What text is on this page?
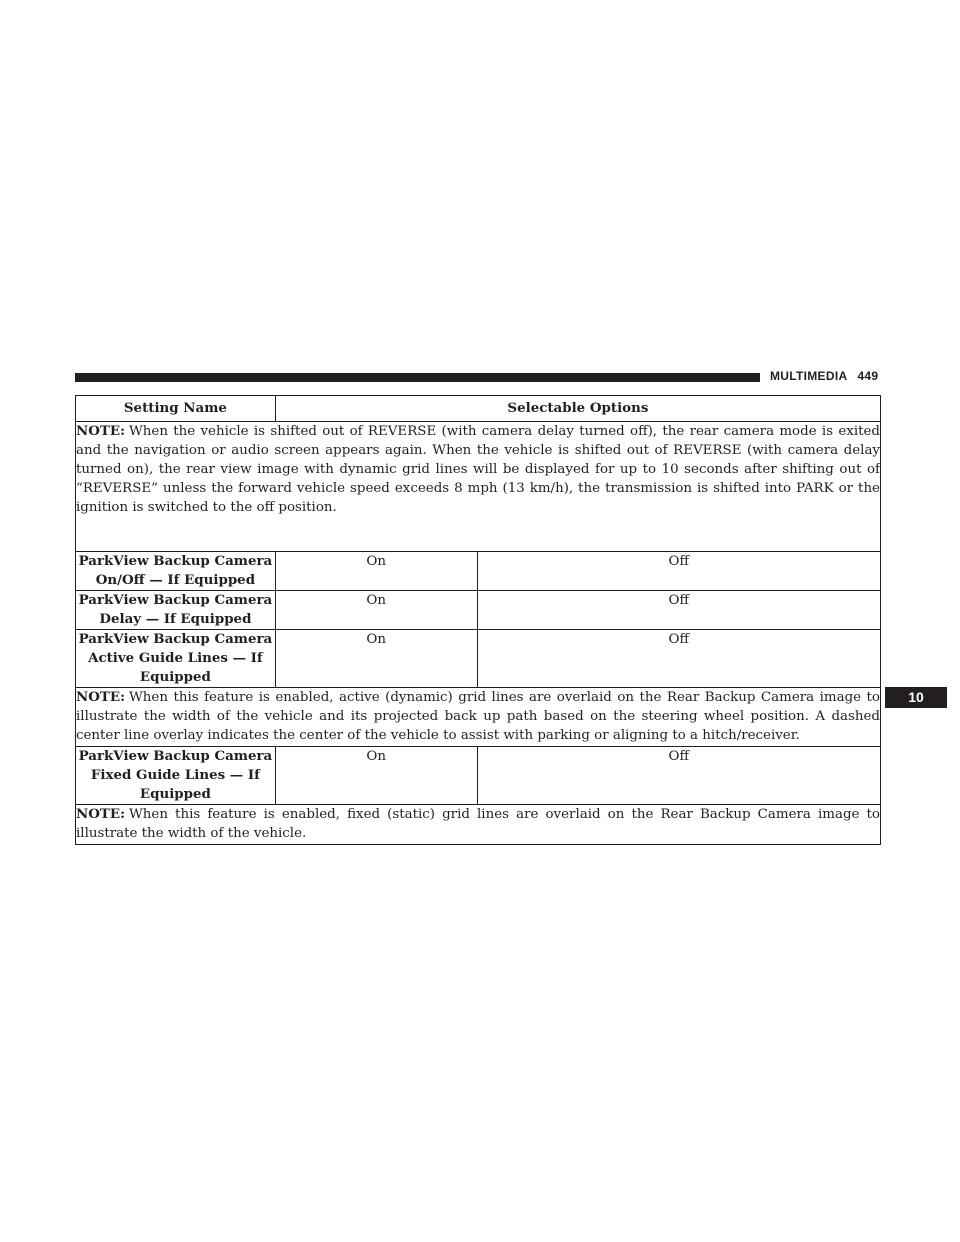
MULTIMEDIA 449
10
Setting Name	Selectable Options	
NOTE: When the vehicle is shifted out of REVERSE (with camera delay turned off), the rear camera mode is exited and the navigation or audio screen appears again. When the vehicle is shifted out of REVERSE (with camera delay turned on), the rear view image with dynamic grid lines will be displayed for up to 10 seconds after shifting out of “REVERSE” unless the forward vehicle speed exceeds 8 mph (13 km/h), the transmission is shifted into PARK or the ignition is switched to the off position.		
ParkView Backup Camera On/Off — If Equipped	On	Off
ParkView Backup Camera Delay — If Equipped	On	Off
ParkView Backup Camera Active Guide Lines — If Equipped	On	Off
NOTE: When this feature is enabled, active (dynamic) grid lines are overlaid on the Rear Backup Camera image to illustrate the width of the vehicle and its projected back up path based on the steering wheel position. A dashed center line overlay indicates the center of the vehicle to assist with parking or aligning to a hitch/receiver.		
ParkView Backup Camera Fixed Guide Lines — If Equipped	On	Off
NOTE: When this feature is enabled, fixed (static) grid lines are overlaid on the Rear Backup Camera image to illustrate the width of the vehicle.		
